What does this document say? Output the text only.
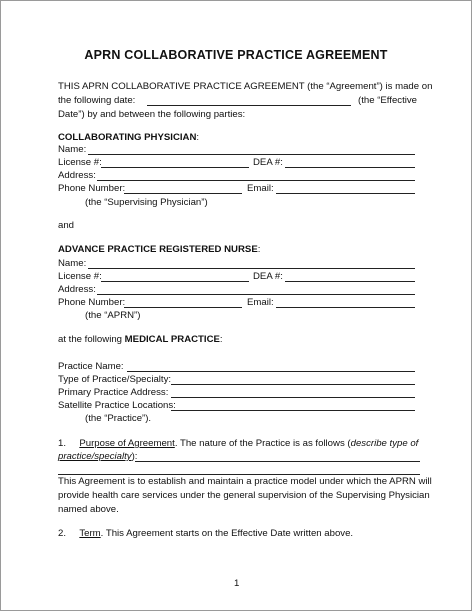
APRN COLLABORATIVE PRACTICE AGREEMENT
THIS APRN COLLABORATIVE PRACTICE AGREEMENT (the “Agreement”) is made on
the following date:	(the “Effective
Date”) by and between the following parties:
COLLABORATING PHYSICIAN:
Name:
License #:	DEA #:
Address:
Phone Number:	Email:
(the “Supervising Physician”)
and
ADVANCE PRACTICE REGISTERED NURSE:
Name:
License #:	DEA #:
Address:
Phone Number:	Email:
(the “APRN”)
at the following MEDICAL PRACTICE:
Practice Name:
Type of Practice/Specialty:
Primary Practice Address:
Satellite Practice Locations:
(the “Practice”).
1. Purpose of Agreement. The nature of the Practice is as follows (describe type of
practice/specialty):
This Agreement is to establish and maintain a practice model under which the APRN will
provide health care services under the general supervision of the Supervising Physician
named above.
2. Term. This Agreement starts on the Effective Date written above.
1
